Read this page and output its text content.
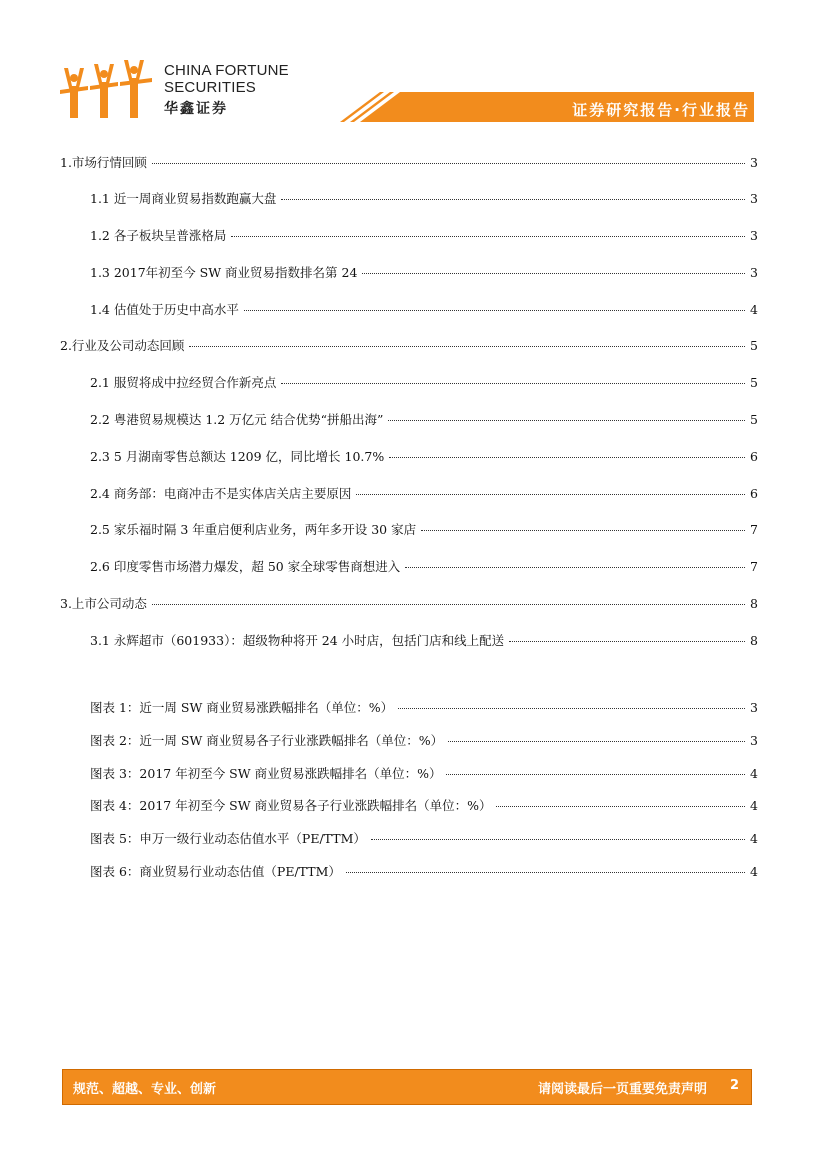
CHINA FORTUNE
SECURITIES
华鑫证券	证券研究报告·行业报告
1.市场行情回顾	3
1.1 近一周商业贸易指数跑赢大盘	3
1.2 各子板块呈普涨格局	3
1.3 2017年初至今 SW 商业贸易指数排名第 24	3
1.4 估值处于历史中高水平	4
2.行业及公司动态回顾	5
2.1 服贸将成中拉经贸合作新亮点	5
2.2 粤港贸易规模达 1.2 万亿元 结合优势“拼船出海”	5
2.3 5 月湖南零售总额达 1209 亿，同比增长 10.7%	6
2.4 商务部：电商冲击不是实体店关店主要原因	6
2.5 家乐福时隔 3 年重启便利店业务，两年多开设 30 家店	7
2.6 印度零售市场潜力爆发，超 50 家全球零售商想进入	7
3.上市公司动态	8
3.1 永辉超市（601933）：超级物种将开 24 小时店，包括门店和线上配送	8
图表 1：近一周 SW 商业贸易涨跌幅排名（单位：%）	3
图表 2：近一周 SW 商业贸易各子行业涨跌幅排名（单位：%）	3
图表 3：2017 年初至今 SW 商业贸易涨跌幅排名（单位：%）	4
图表 4：2017 年初至今 SW 商业贸易各子行业涨跌幅排名（单位：%）	4
图表 5：申万一级行业动态估值水平（PE/TTM）	4
图表 6：商业贸易行业动态估值（PE/TTM）	4
规范、超越、专业、创新	请阅读最后一页重要免责声明 2
